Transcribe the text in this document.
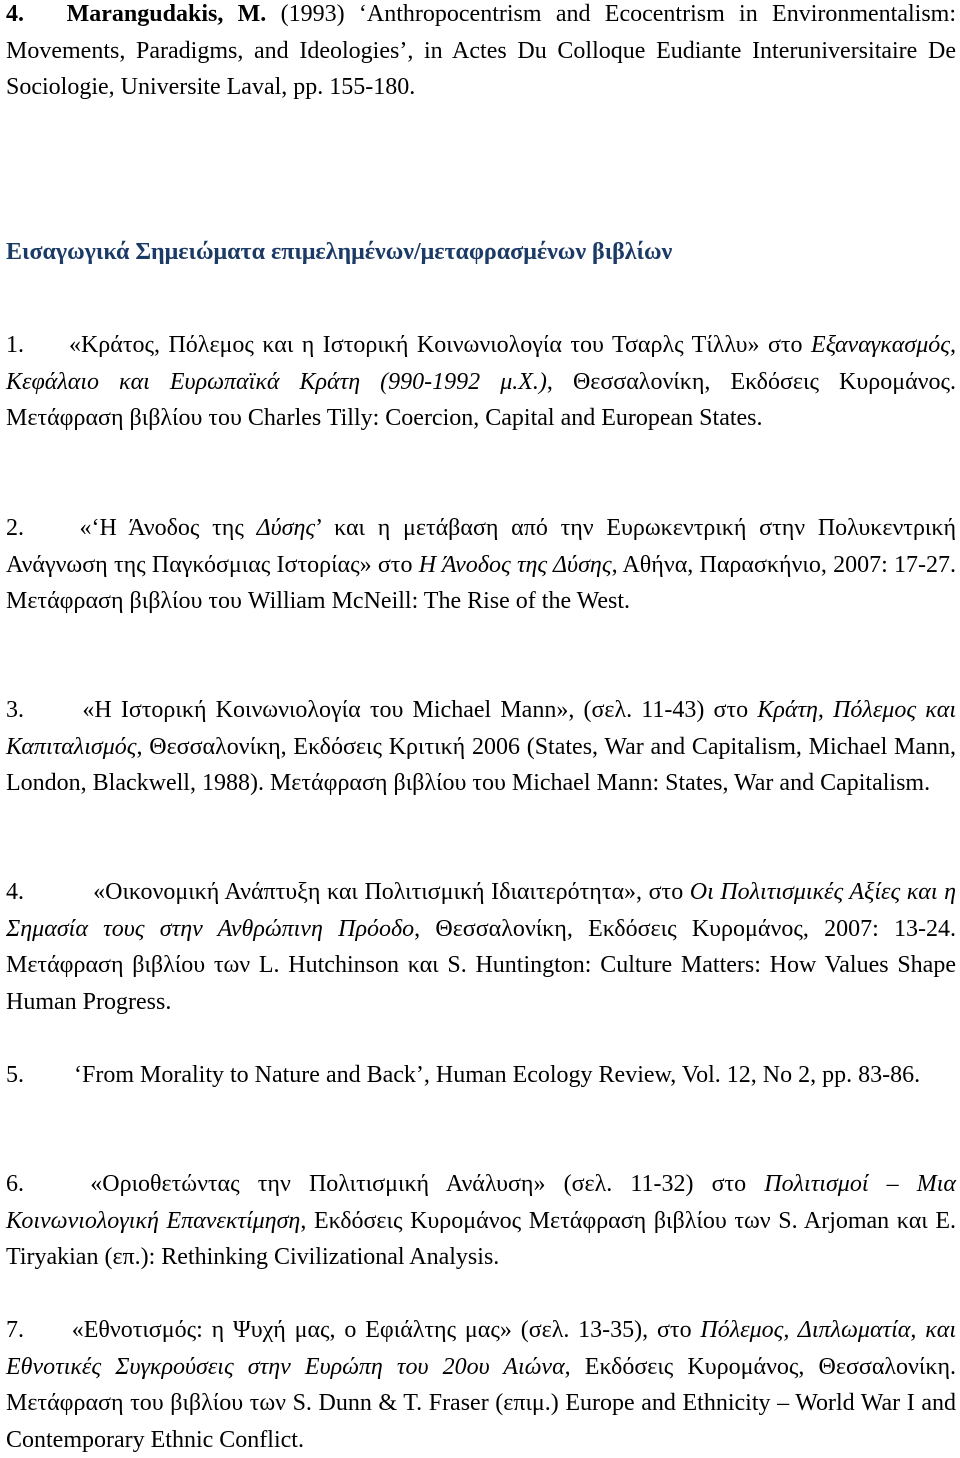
4. Marangudakis, M. (1993) ‘Anthropocentrism and Ecocentrism in Environmentalism: Movements, Paradigms, and Ideologies’, in Actes Du Colloque Eudiante Interuniversitaire De Sociologie, Universite Laval, pp. 155-180.

Εισαγωγικά Σημειώματα επιμελημένων/μεταφρασμένων βιβλίων

1. «Κράτος, Πόλεμος και η Ιστορική Κοινωνιολογία του Τσαρλς Τίλλυ» στο Εξαναγκασμός, Κεφάλαιο και Ευρωπαϊκά Κράτη (990-1992 μ.Χ.), Θεσσαλονίκη, Εκδόσεις Κυρομάνος. Μετάφραση βιβλίου του Charles Tilly: Coercion, Capital and European States.

2. «‘Η Άνοδος της Δύσης’ και η μετάβαση από την Ευρωκεντρική στην Πολυκεντρική Ανάγνωση της Παγκόσμιας Ιστορίας» στο Η Άνοδος της Δύσης, Αθήνα, Παρασκήνιο, 2007: 17-27. Μετάφραση βιβλίου του William McNeill: The Rise of the West.

3. «Η Ιστορική Κοινωνιολογία του Michael Mann», (σελ. 11-43) στο Κράτη, Πόλεμος και Καπιταλισμός, Θεσσαλονίκη, Εκδόσεις Κριτική 2006 (States, War and Capitalism, Michael Mann, London, Blackwell, 1988). Μετάφραση βιβλίου του Michael Mann: States, War and Capitalism.

4.	«Οικονομική Ανάπτυξη και Πολιτισμική Ιδιαιτερότητα», στο Οι Πολιτισμικές Αξίες και η Σημασία τους στην Ανθρώπινη Πρόοδο, Θεσσαλονίκη, Εκδόσεις Κυρομάνος, 2007: 13-24. Μετάφραση βιβλίου των L. Hutchinson και S. Huntington: Culture Matters: How Values Shape Human Progress.

5. ‘From Morality to Nature and Back’, Human Ecology Review, Vol. 12, No 2, pp. 83-86.

6.	«Οριοθετώντας την Πολιτισμική Ανάλυση» (σελ. 11-32) στο Πολιτισμοί – Μια Κοινωνιολογική Επανεκτίμηση, Εκδόσεις Κυρομάνος Μετάφραση βιβλίου των S. Arjoman και E. Tiryakian (επ.): Rethinking Civilizational Analysis.

7. «Εθνοτισμός: η Ψυχή μας, ο Εφιάλτης μας» (σελ. 13-35), στο Πόλεμος, Διπλωματία, και Εθνοτικές Συγκρούσεις στην Ευρώπη του 20ου Αιώνα, Εκδόσεις Κυρομάνος, Θεσσαλονίκη. Μετάφραση του βιβλίου των S. Dunn & T. Fraser (επιμ.) Europe and Ethnicity – World War I and Contemporary Ethnic Conflict.
